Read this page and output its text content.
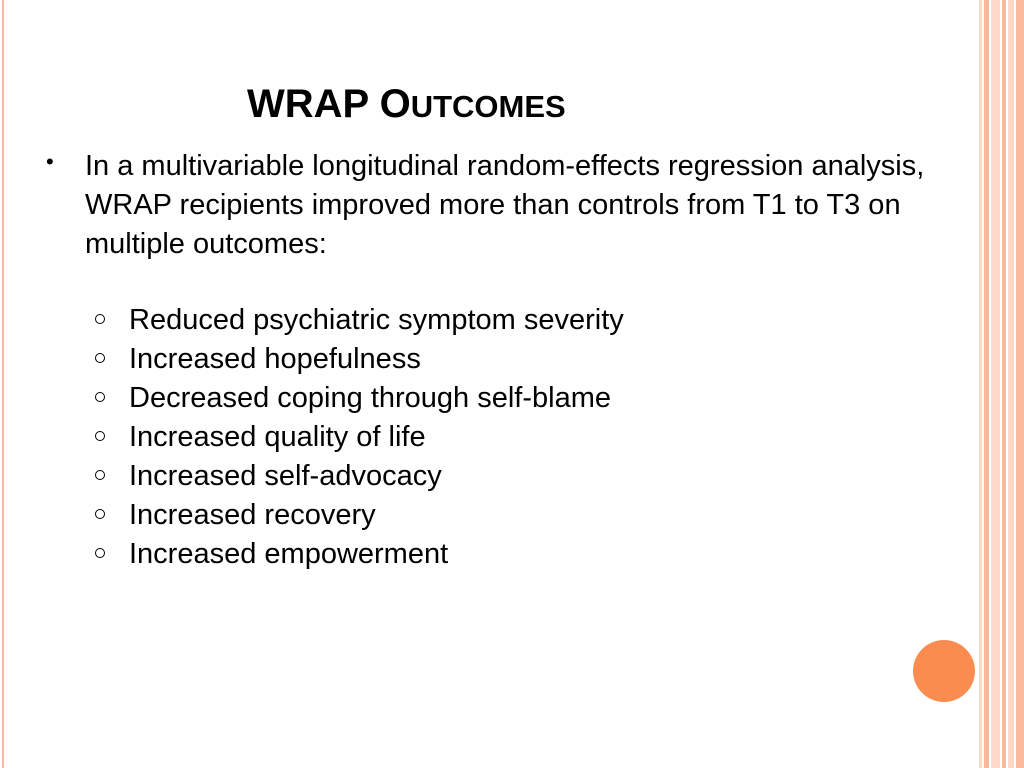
WRAP OUTCOMES
• In a multivariable longitudinal random-effects regression analysis, WRAP recipients improved more than controls from T1 to T3 on multiple outcomes:
Reduced psychiatric symptom severity
Increased hopefulness
Decreased coping through self-blame
Increased quality of life
Increased self-advocacy
Increased recovery
Increased empowerment
